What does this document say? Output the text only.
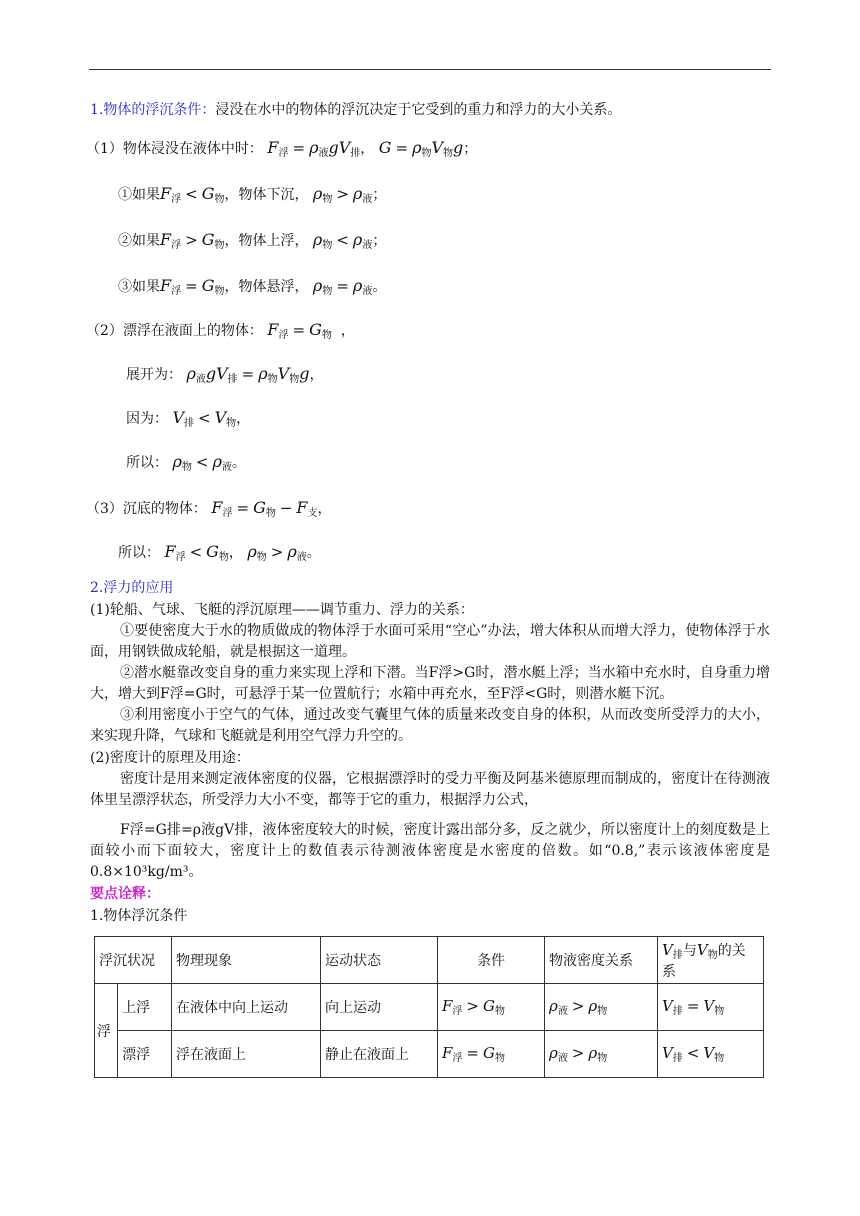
1.物体的浮沉条件：浸没在水中的物体的浮沉决定于它受到的重力和浮力的大小关系。
（1）物体浸没在液体中时： $F_浮 = \rho_液gV_排$， $G = \rho_物V_物g$；
①如果$F_浮 < G_物$，物体下沉， $\rho_物 > \rho_液$；
②如果$F_浮 > G_物$，物体上浮， $\rho_物 < \rho_液$；
③如果$F_浮 = G_物$，物体悬浮， $\rho_物 = \rho_液$。
（2）漂浮在液面上的物体： $F_浮 = G_物$  ，
展开为： $\rho_液gV_排 = \rho_物V_物g$，
因为： $V_排 < V_物$，
所以： $\rho_物 < \rho_液$。
（3）沉底的物体： $F_浮 = G_物 - F_支$，
所以： $F_浮 < G_物$， $\rho_物 > \rho_液$。
2.浮力的应用
(1)轮船、气球、飞艇的浮沉原理——调节重力、浮力的关系：
①要使密度大于水的物质做成的物体浮于水面可采用“空心”办法，增大体积从而增大浮力，使物体浮于水面，用钢铁做成轮船，就是根据这一道理。
②潜水艇靠改变自身的重力来实现上浮和下潜。当F浮>G时，潜水艇上浮；当水箱中充水时，自身重力增大，增大到F浮=G时，可悬浮于某一位置航行；水箱中再充水，至F浮<G时，则潜水艇下沉。
③利用密度小于空气的气体，通过改变气囊里气体的质量来改变自身的体积，从而改变所受浮力的大小，来实现升降，气球和飞艇就是利用空气浮力升空的。
(2)密度计的原理及用途：
密度计是用来测定液体密度的仪器，它根据漂浮时的受力平衡及阿基米德原理而制成的，密度计在待测液体里呈漂浮状态，所受浮力大小不变，都等于它的重力，根据浮力公式，
F浮=G排=ρ液gV排，液体密度较大的时候，密度计露出部分多，反之就少，所以密度计上的刻度数是上面较小而下面较大，密度计上的数值表示待测液体密度是水密度的倍数。如“0.8,”表示该液体密度是0.8×10³kg/m³。
要点诠释：
1.物体浮沉条件
浮沉状况		物理现象	运动状态	条件	物液密度关系	$V_排$与$V_物$的关系
浮	上浮	在液体中向上运动	向上运动	$F_浮 > G_物$	$\rho_液 > \rho_物$	$V_排 = V_物$
	漂浮	浮在液面上	静止在液面上	$F_浮 = G_物$	$\rho_液 > \rho_物$	$V_排 < V_物$
